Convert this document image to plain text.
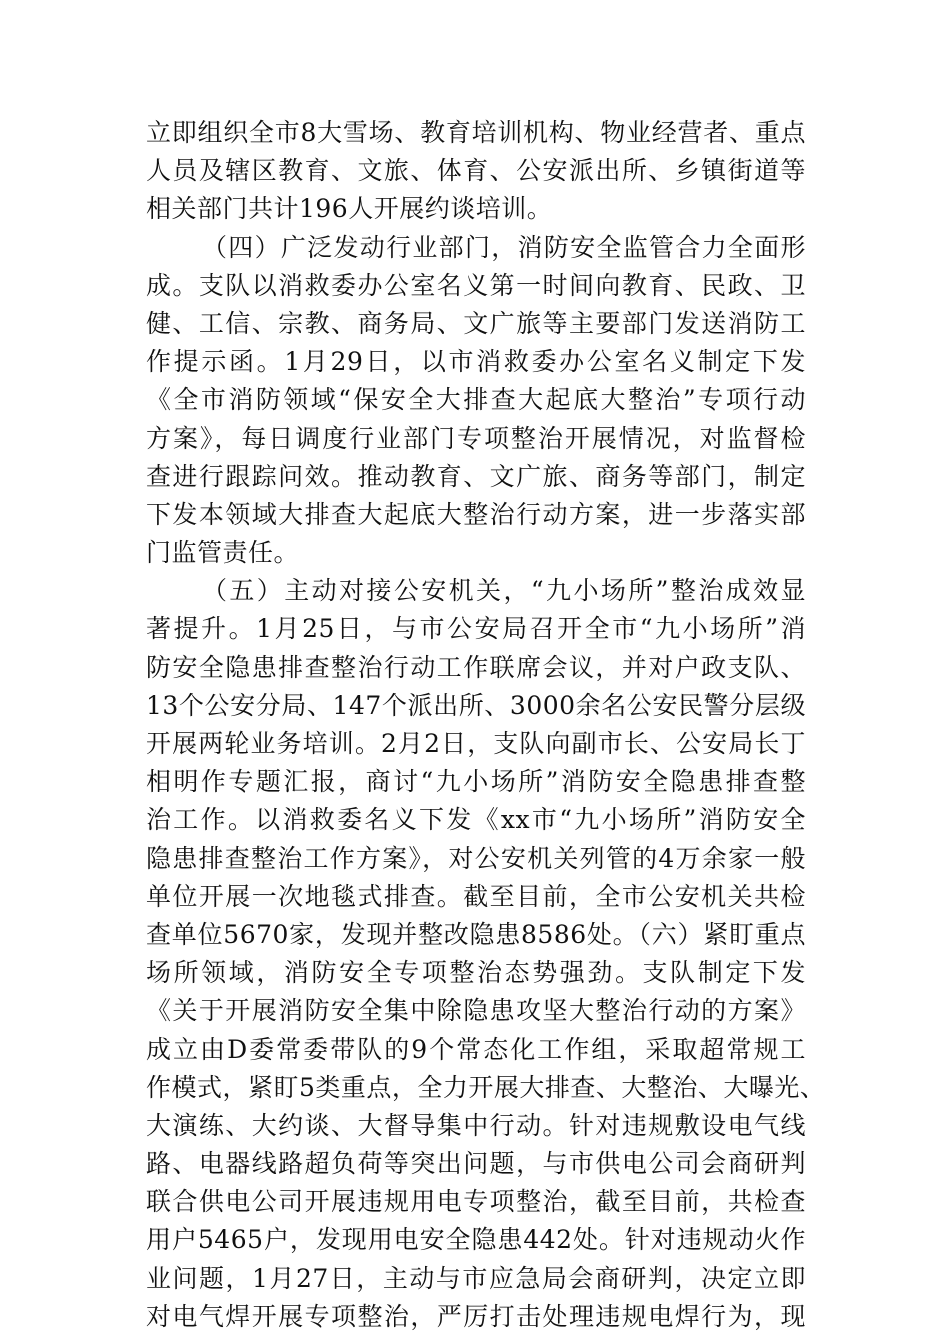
立即组织全市8大雪场、教育培训机构、物业经营者、重点
人员及辖区教育、文旅、体育、公安派出所、乡镇街道等
相关部门共计196人开展约谈培训。
（四）广泛发动行业部门，消防安全监管合力全面形
成。支队以消救委办公室名义第一时间向教育、民政、卫
健、工信、宗教、商务局、文广旅等主要部门发送消防工
作提示函。1月29日，以市消救委办公室名义制定下发
《全市消防领域“保安全大排查大起底大整治”专项行动
方案》，每日调度行业部门专项整治开展情况，对监督检
查进行跟踪问效。推动教育、文广旅、商务等部门，制定
下发本领域大排查大起底大整治行动方案，进一步落实部
门监管责任。
（五）主动对接公安机关，“九小场所”整治成效显
著提升。1月25日，与市公安局召开全市“九小场所”消
防安全隐患排查整治行动工作联席会议，并对户政支队、
13个公安分局、147个派出所、3000余名公安民警分层级
开展两轮业务培训。2月2日，支队向副市长、公安局长丁
相明作专题汇报，商讨“九小场所”消防安全隐患排查整
治工作。以消救委名义下发《xx市“九小场所”消防安全
隐患排查整治工作方案》，对公安机关列管的4万余家一般
单位开展一次地毯式排查。截至目前，全市公安机关共检
查单位5670家，发现并整改隐患8586处。（六）紧盯重点
场所领域，消防安全专项整治态势强劲。支队制定下发
《关于开展消防安全集中除隐患攻坚大整治行动的方案》
成立由D委常委带队的9个常态化工作组，采取超常规工
作模式，紧盯5类重点，全力开展大排查、大整治、大曝光、
大演练、大约谈、大督导集中行动。针对违规敷设电气线
路、电器线路超负荷等突出问题，与市供电公司会商研判
联合供电公司开展违规用电专项整治，截至目前，共检查
用户5465户，发现用电安全隐患442处。针对违规动火作
业问题，1月27日，主动与市应急局会商研判，决定立即
对电气焊开展专项整治，严厉打击处理违规电焊行为，现
